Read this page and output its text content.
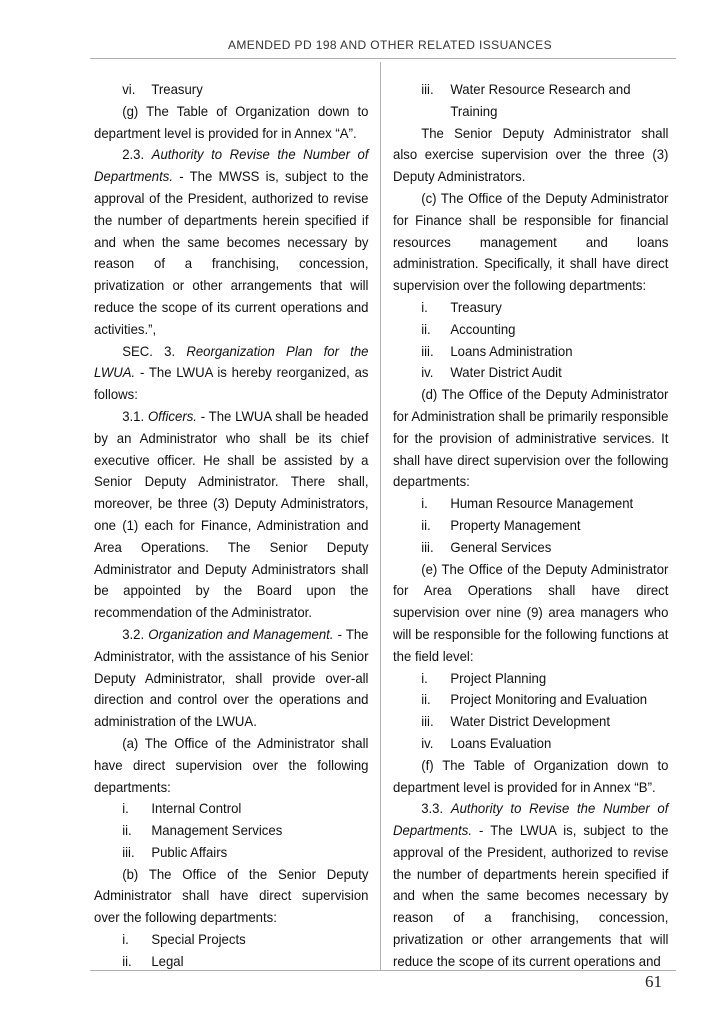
AMENDED PD 198 AND OTHER RELATED ISSUANCES
vi.	Treasury

(g) The Table of Organization down to department level is provided for in Annex “A”.

2.3. Authority to Revise the Number of Departments. - The MWSS is, subject to the approval of the President, authorized to revise the number of departments herein specified if and when the same becomes necessary by reason of a franchising, concession, privatization or other arrangements that will reduce the scope of its current operations and activities.”,

SEC. 3. Reorganization Plan for the LWUA. - The LWUA is hereby reorganized, as follows:

3.1. Officers. - The LWUA shall be headed by an Administrator who shall be its chief executive officer. He shall be assisted by a Senior Deputy Administrator. There shall, moreover, be three (3) Deputy Administrators, one (1) each for Finance, Administration and Area Operations. The Senior Deputy Administrator and Deputy Administrators shall be appointed by the Board upon the recommendation of the Administrator.

3.2. Organization and Management. - The Administrator, with the assistance of his Senior Deputy Administrator, shall provide over-all direction and control over the operations and administration of the LWUA.

(a) The Office of the Administrator shall have direct supervision over the following departments:

i.	Internal Control
ii.	Management Services
iii.	Public Affairs

(b) The Office of the Senior Deputy Administrator shall have direct supervision over the following departments:

i.	Special Projects
ii.	Legal
iii.	Water Resource Research and Training

The Senior Deputy Administrator shall also exercise supervision over the three (3) Deputy Administrators.

(c) The Office of the Deputy Administrator for Finance shall be responsible for financial resources management and loans administration. Specifically, it shall have direct supervision over the following departments:

i.	Treasury
ii.	Accounting
iii.	Loans Administration
iv.	Water District Audit

(d) The Office of the Deputy Administrator for Administration shall be primarily responsible for the provision of administrative services. It shall have direct supervision over the following departments:

i.	Human Resource Management
ii.	Property Management
iii.	General Services

(e) The Office of the Deputy Administrator for Area Operations shall have direct supervision over nine (9) area managers who will be responsible for the following functions at the field level:

i.	Project Planning
ii.	Project Monitoring and Evaluation
iii.	Water District Development
iv.	Loans Evaluation

(f) The Table of Organization down to department level is provided for in Annex “B”.

3.3. Authority to Revise the Number of Departments. - The LWUA is, subject to the approval of the President, authorized to revise the number of departments herein specified if and when the same becomes necessary by reason of a franchising, concession, privatization or other arrangements that will reduce the scope of its current operations and

61
